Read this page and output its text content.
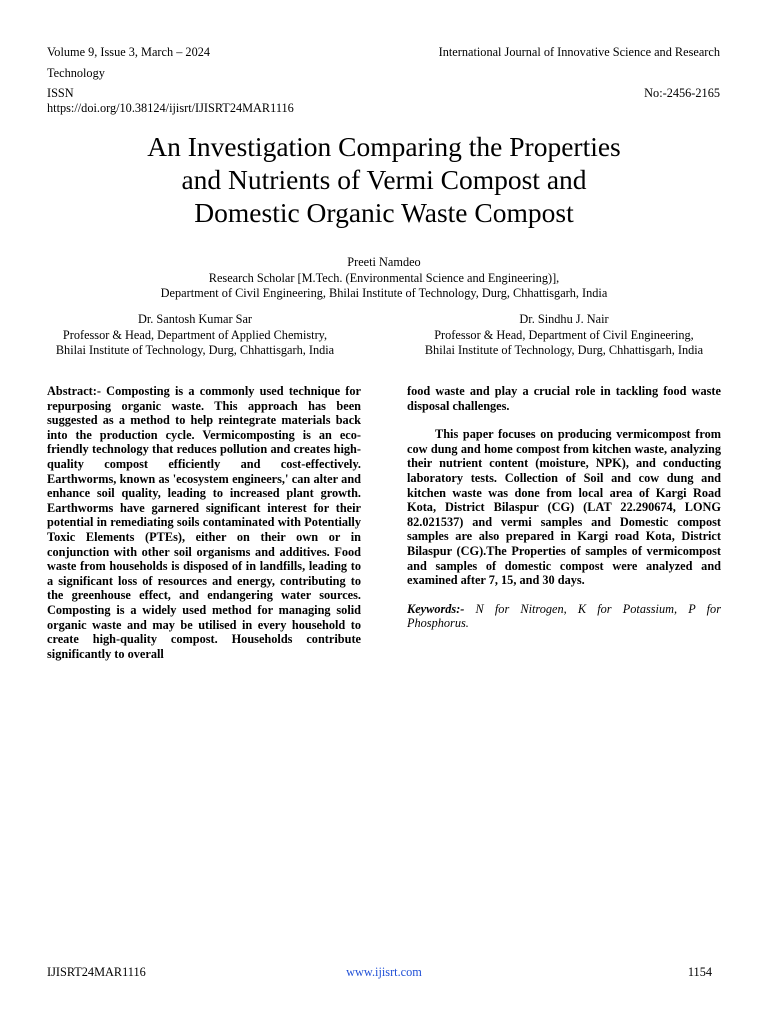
Volume 9, Issue 3, March – 2024	International Journal of Innovative Science and Research
Technology
ISSN	No:-2456-2165
https://doi.org/10.38124/ijisrt/IJISRT24MAR1116
An Investigation Comparing the Properties
and Nutrients of Vermi Compost and
Domestic Organic Waste Compost
Preeti Namdeo
Research Scholar [M.Tech. (Environmental Science and Engineering)],
Department of Civil Engineering, Bhilai Institute of Technology, Durg, Chhattisgarh, India
Dr. Santosh Kumar Sar
Professor & Head, Department of Applied Chemistry,
Bhilai Institute of Technology, Durg, Chhattisgarh, India
Dr. Sindhu J. Nair
Professor & Head, Department of Civil Engineering,
Bhilai Institute of Technology, Durg, Chhattisgarh, India

Abstract:- Composting is a commonly used technique for repurposing organic waste. This approach has been suggested as a method to help reintegrate materials back into the production cycle. Vermicomposting is an eco-friendly technology that reduces pollution and creates high-quality compost efficiently and cost-effectively. Earthworms, known as 'ecosystem engineers,' can alter and enhance soil quality, leading to increased plant growth. Earthworms have garnered significant interest for their potential in remediating soils contaminated with Potentially Toxic Elements (PTEs), either on their own or in conjunction with other soil organisms and additives. Food waste from households is disposed of in landfills, leading to a significant loss of resources and energy, contributing to the greenhouse effect, and endangering water sources. Composting is a widely used method for managing solid organic waste and may be utilised in every household to create high-quality compost. Households contribute significantly to overall

food waste and play a crucial role in tackling food waste disposal challenges.

This paper focuses on producing vermicompost from cow dung and home compost from kitchen waste, analyzing their nutrient content (moisture, NPK), and conducting laboratory tests. Collection of Soil and cow dung and kitchen waste was done from local area of Kargi Road Kota, District Bilaspur (CG) (LAT 22.290674, LONG 82.021537) and vermi samples and Domestic compost samples are also prepared in Kargi road Kota, District Bilaspur (CG).The Properties of samples of vermicompost and samples of domestic compost were analyzed and examined after 7, 15, and 30 days.

Keywords:- N for Nitrogen, K for Potassium, P for Phosphorus.

IJISRT24MAR1116	www.ijisrt.com	1154
